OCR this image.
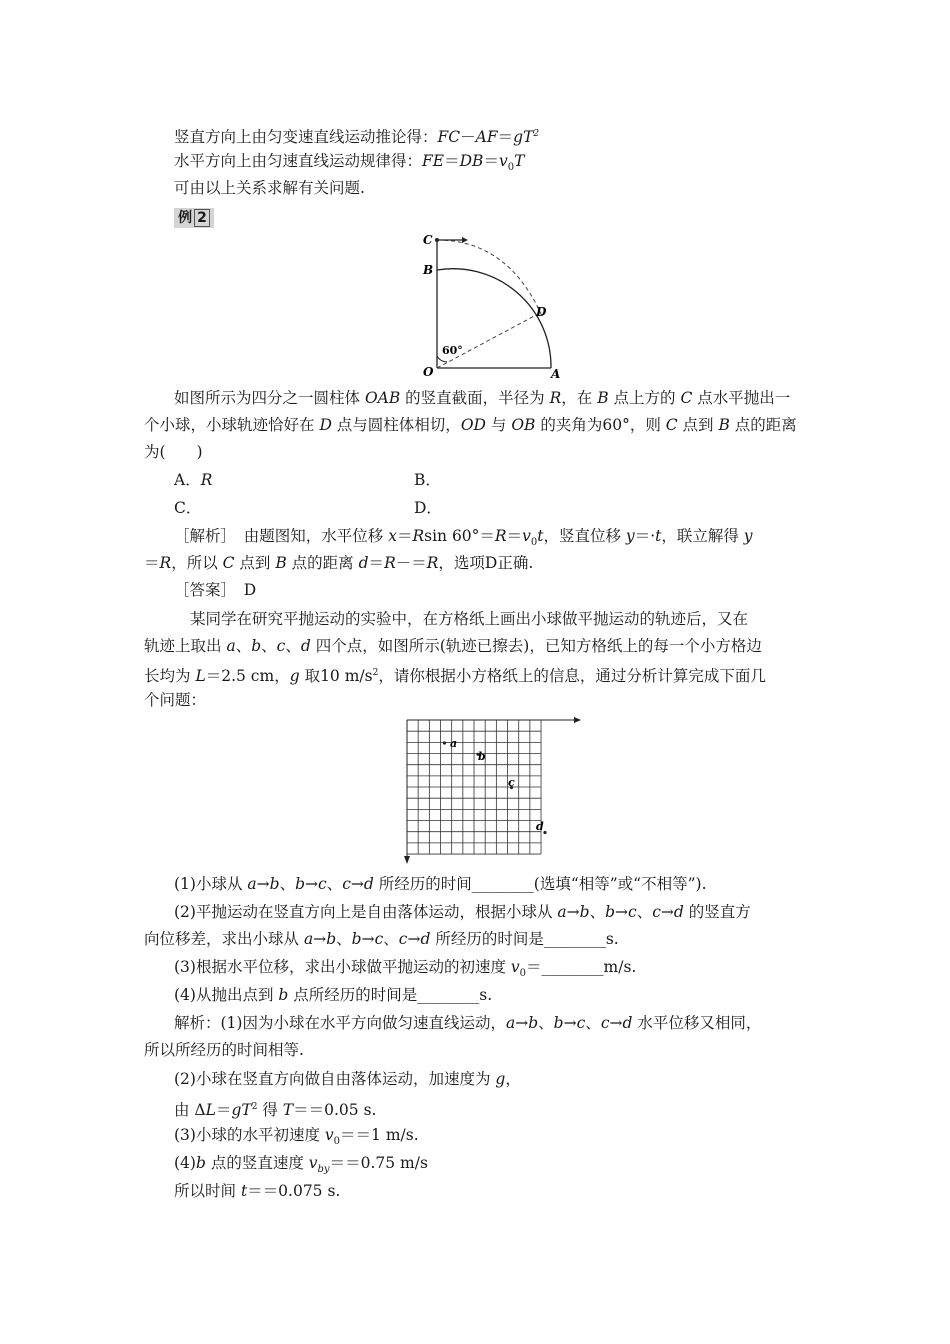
竖直方向上由匀变速直线运动推论得：$FC-AF=gT^2$
水平方向上由匀速直线运动规律得：$FE=DB=v_0T$
可由以上关系求解有关问题.
例 2
C
B
D
O	A
60°
如图所示为四分之一圆柱体 OAB 的竖直截面，半径为 R，在 B 点上方的 C 点水平抛出一
个小球，小球轨迹恰好在 D 点与圆柱体相切，OD 与 OB 的夹角为60°，则 C 点到 B 点的距离
为(　　)
A．R	B．
C．	D．
［解析］　由题图知，水平位移 x＝Rsin $60^\circ=R=v_0t$，竖直位移 y＝·t，联立解得 y
＝R，所以 C 点到 B 点的距离 d＝R－＝R，选项D正确.
［答案］　D
某同学在研究平抛运动的实验中，在方格纸上画出小球做平抛运动的轨迹后，又在
轨迹上取出 a、b、c、d 四个点，如图所示(轨迹已擦去)，已知方格纸上的每一个小方格边
长均为 L＝2.5 cm，g 取10 $m/s^2$，请你根据小方格纸上的信息，通过分析计算完成下面几
个问题：
a
b
c
d
(1)小球从 a→b、b→c、c→d 所经历的时间________(选填“相等”或“不相等”).
(2)平抛运动在竖直方向上是自由落体运动，根据小球从 a→b、b→c、c→d 的竖直方
向位移差，求出小球从 a→b、b→c、c→d 所经历的时间是________s.
(3)根据水平位移，求出小球做平抛运动的初速度 $v_0=\_\_\_\_\_\_\_\_m/s$.
(4)从抛出点到 b 点所经历的时间是________s.
解析：(1)因为小球在水平方向做匀速直线运动，a→b、b→c、c→d 水平位移又相同，
所以所经历的时间相等.
(2)小球在竖直方向做自由落体运动，加速度为 g，
由 $\Delta L=gT^2$ 得 T＝＝0.05 s.
(3)小球的水平初速度 $v_0==1$ m/s.
(4)b 点的竖直速度 $v_{by}==0.75$ m/s
所以时间 t＝＝0.075 s.
